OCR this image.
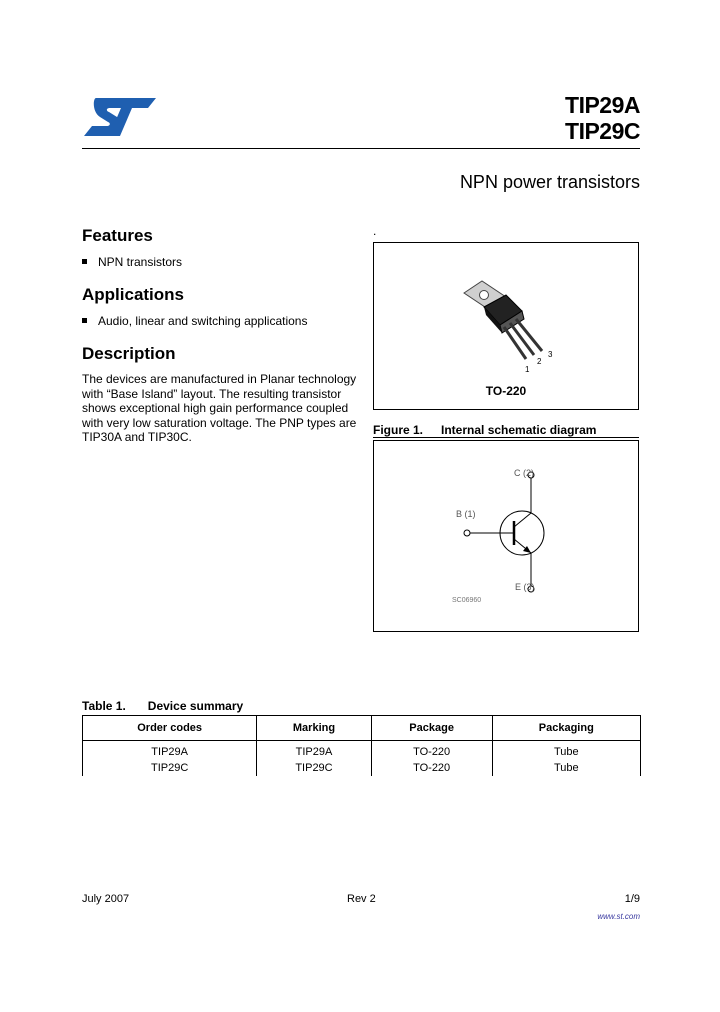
TIP29A
TIP29C
NPN power transistors
Features
NPN transistors
Applications
Audio, linear and switching applications
Description
The devices are manufactured in Planar technology with “Base Island” layout. The resulting transistor shows exceptional high gain performance coupled with very low saturation voltage. The PNP types are TIP30A and TIP30C.
.
1
2
3
TO-220
Figure 1. Internal schematic diagram
C (2)
B (1)
E (3)
SC06960
Table 1. Device summary
Order codes	Marking	Package	Packaging
TIP29A	TIP29A	TO-220	Tube
TIP29C	TIP29C	TO-220	Tube
July 2007	Rev 2	1/9
www.st.com
